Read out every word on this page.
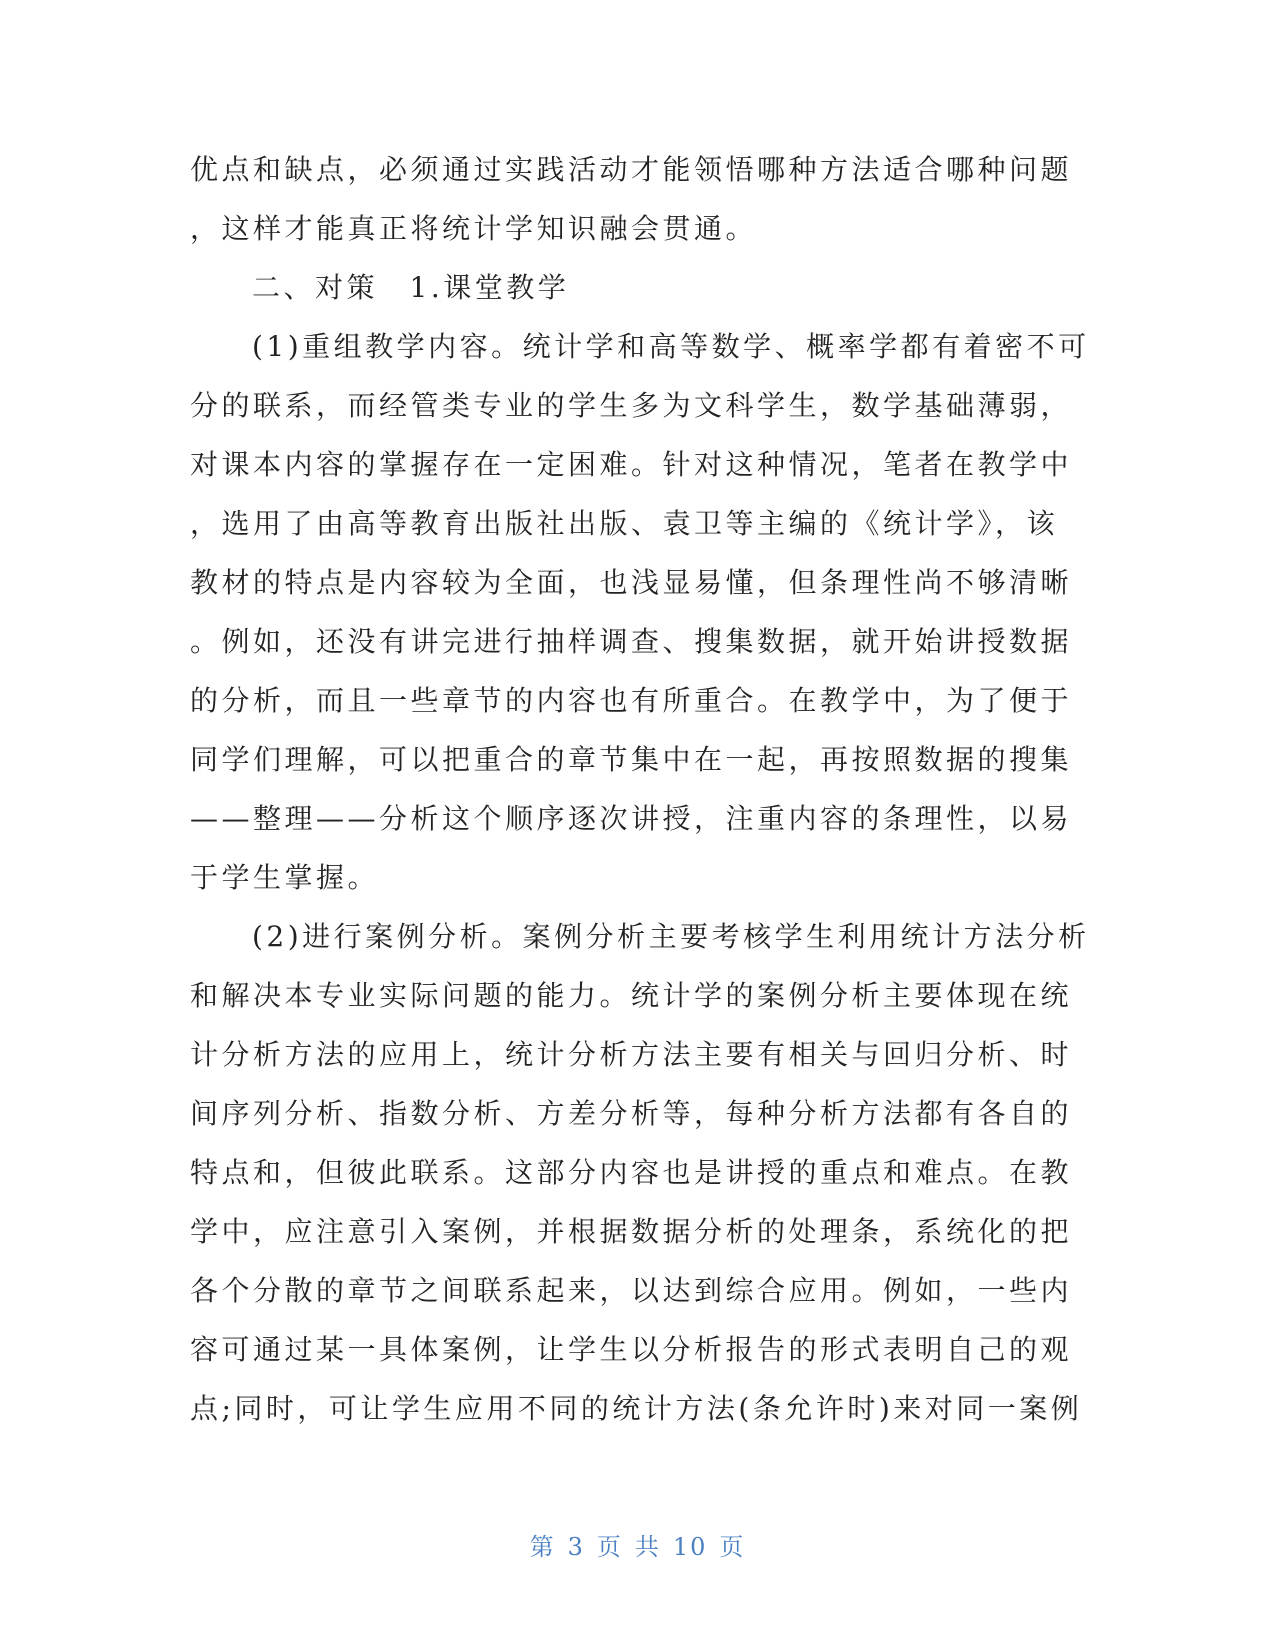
优点和缺点，必须通过实践活动才能领悟哪种方法适合哪种问题
，这样才能真正将统计学知识融会贯通。
二、对策　1.课堂教学
(1)重组教学内容。统计学和高等数学、概率学都有着密不可
分的联系，而经管类专业的学生多为文科学生，数学基础薄弱，
对课本内容的掌握存在一定困难。针对这种情况，笔者在教学中
，选用了由高等教育出版社出版、袁卫等主编的《统计学》，该
教材的特点是内容较为全面，也浅显易懂，但条理性尚不够清晰
。例如，还没有讲完进行抽样调查、搜集数据，就开始讲授数据
的分析，而且一些章节的内容也有所重合。在教学中，为了便于
同学们理解，可以把重合的章节集中在一起，再按照数据的搜集
——整理——分析这个顺序逐次讲授，注重内容的条理性，以易
于学生掌握。
(2)进行案例分析。案例分析主要考核学生利用统计方法分析
和解决本专业实际问题的能力。统计学的案例分析主要体现在统
计分析方法的应用上，统计分析方法主要有相关与回归分析、时
间序列分析、指数分析、方差分析等，每种分析方法都有各自的
特点和，但彼此联系。这部分内容也是讲授的重点和难点。在教
学中，应注意引入案例，并根据数据分析的处理条，系统化的把
各个分散的章节之间联系起来，以达到综合应用。例如，一些内
容可通过某一具体案例，让学生以分析报告的形式表明自己的观
点;同时，可让学生应用不同的统计方法(条允许时)来对同一案例
第 3 页 共 10 页
